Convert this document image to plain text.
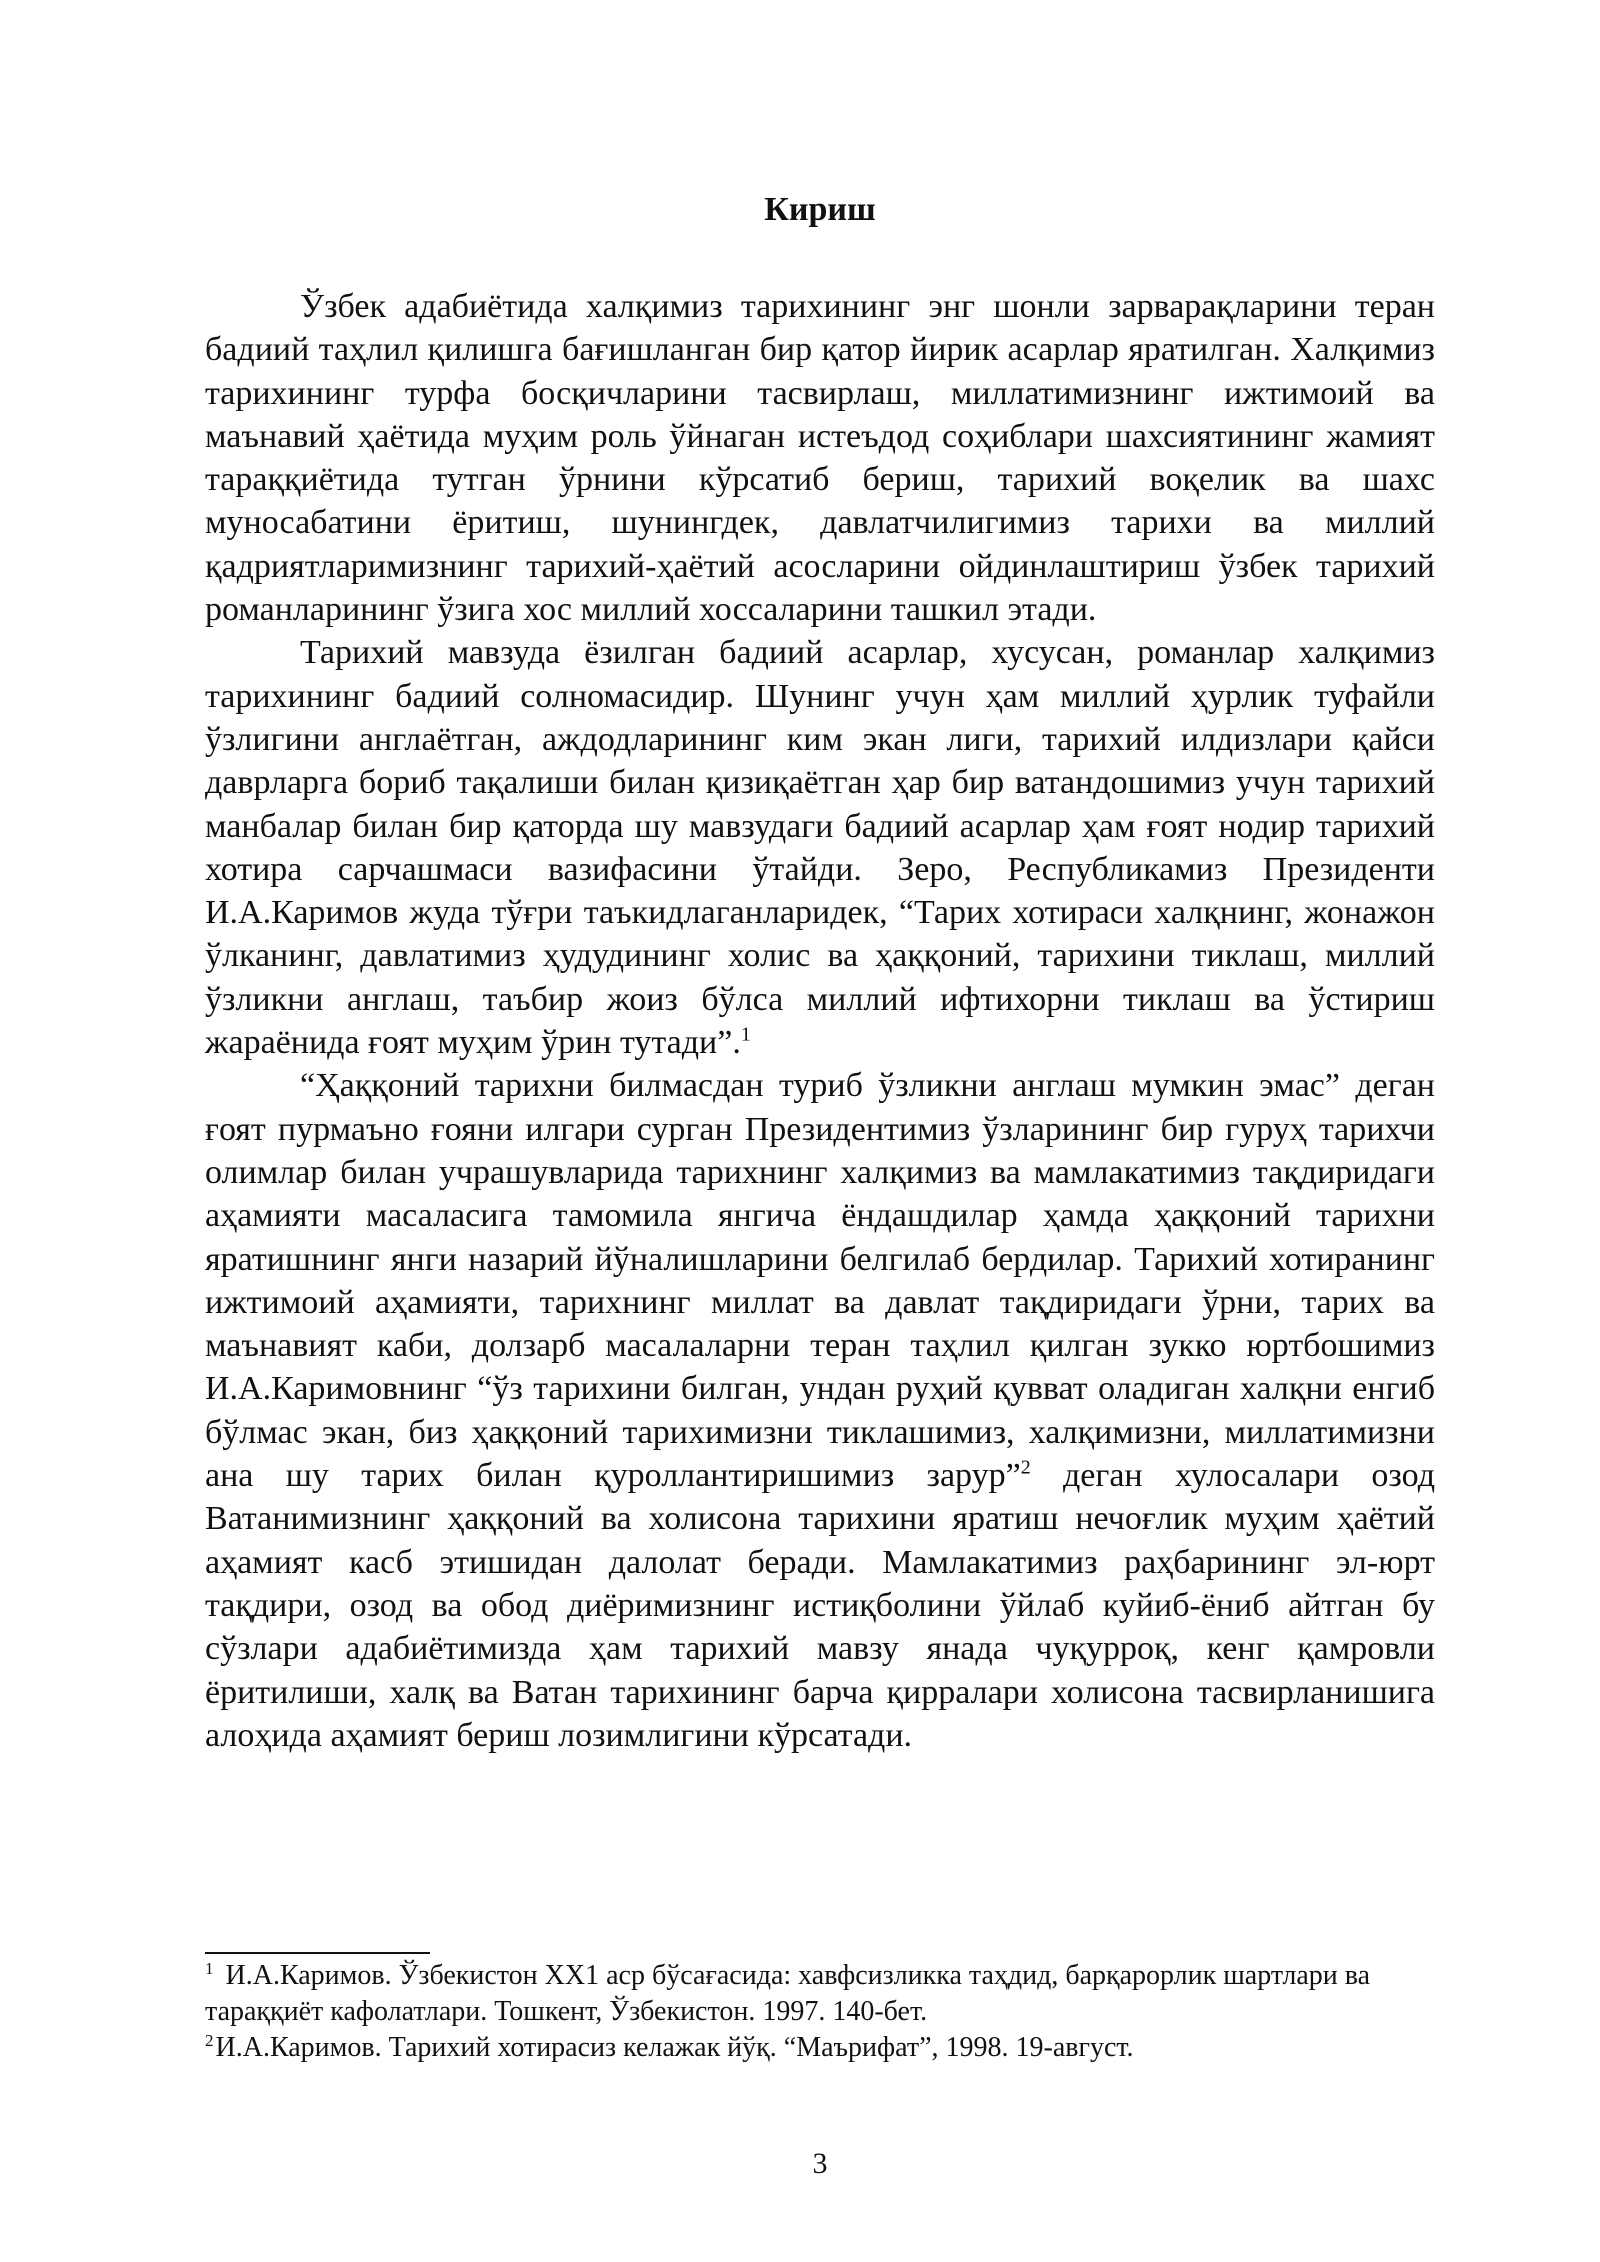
Кириш

Ўзбек адабиётида халқимиз тарихининг энг шонли зарварақларини теран бадиий таҳлил қилишга бағишланган бир қатор йирик асарлар яратилган. Халқимиз тарихининг турфа босқичларини тасвирлаш, миллатимизнинг ижтимоий ва маънавий ҳаётида муҳим роль ўйнаган истеъдод соҳиблари шахсиятининг жамият тараққиётида тутган ўрнини кўрсатиб бериш, тарихий воқелик ва шахс муносабатини ёритиш, шунингдек, давлатчилигимиз тарихи ва миллий қадриятларимизнинг тарихий-ҳаётий асосларини ойдинлаштириш ўзбек тарихий романларининг ўзига хос миллий хоссаларини ташкил этади.

Тарихий мавзуда ёзилган бадиий асарлар, хусусан, романлар халқимиз тарихининг бадиий солномасидир. Шунинг учун ҳам миллий ҳурлик туфайли ўзлигини англаётган, аждодларининг ким экан лиги, тарихий илдизлари қайси даврларга бориб тақалиши билан қизиқаётган ҳар бир ватандошимиз учун тарихий манбалар билан бир қаторда шу мавзудаги бадиий асарлар ҳам ғоят нодир тарихий хотира сарчашмаси вазифасини ўтайди. Зеро, Республикамиз Президенти И.А.Каримов жуда тўғри таъкидлаганларидек, “Тарих хотираси халқнинг, жонажон ўлканинг, давлатимиз ҳудудининг холис ва ҳаққоний, тарихини тиклаш, миллий ўзликни англаш, таъбир жоиз бўлса миллий ифтихорни тиклаш ва ўстириш жараёнида ғоят муҳим ўрин тутади”.$^1$

“Ҳаққоний тарихни билмасдан туриб ўзликни англаш мумкин эмас” деган ғоят пурмаъно ғояни илгари сурган Президентимиз ўзларининг бир гуруҳ тарихчи олимлар билан учрашувларида тарихнинг халқимиз ва мамлакатимиз тақдиридаги аҳамияти масаласига тамомила янгича ёндашдилар ҳамда ҳаққоний тарихни яратишнинг янги назарий йўналишларини белгилаб бердилар. Тарихий хотиранинг ижтимоий аҳамияти, тарихнинг миллат ва давлат тақдиридаги ўрни, тарих ва маънавият каби, долзарб масалаларни теран таҳлил қилган зукко юртбошимиз И.А.Каримовнинг “ўз тарихини билган, ундан руҳий қувват оладиган халқни енгиб бўлмас экан, биз ҳаққоний тарихимизни тиклашимиз, халқимизни, миллатимизни ана шу тарих билан қуроллантиришимиз зарур”$^2$ деган хулосалари озод Ватанимизнинг ҳаққоний ва холисона тарихини яратиш нечоғлик муҳим ҳаётий аҳамият касб этишидан далолат беради. Мамлакатимиз раҳбарининг эл-юрт тақдири, озод ва обод диёримизнинг истиқболини ўйлаб куйиб-ёниб айтган бу сўзлари адабиётимизда ҳам тарихий мавзу янада чуқурроқ, кенг қамровли ёритилиши, халқ ва Ватан тарихининг барча қирралари холисона тасвирланишига алоҳида аҳамият бериш лозимлигини кўрсатади.

1 И.А.Каримов. Ўзбекистон ХХ1 аср бўсағасида: хавфсизликка таҳдид, барқарорлик шартлари ва тараққиёт кафолатлари. Тошкент, Ўзбекистон. 1997. 140-бет.

2И.А.Каримов. Тарихий хотирасиз келажак йўқ. “Маърифат”, 1998. 19-август.

3
